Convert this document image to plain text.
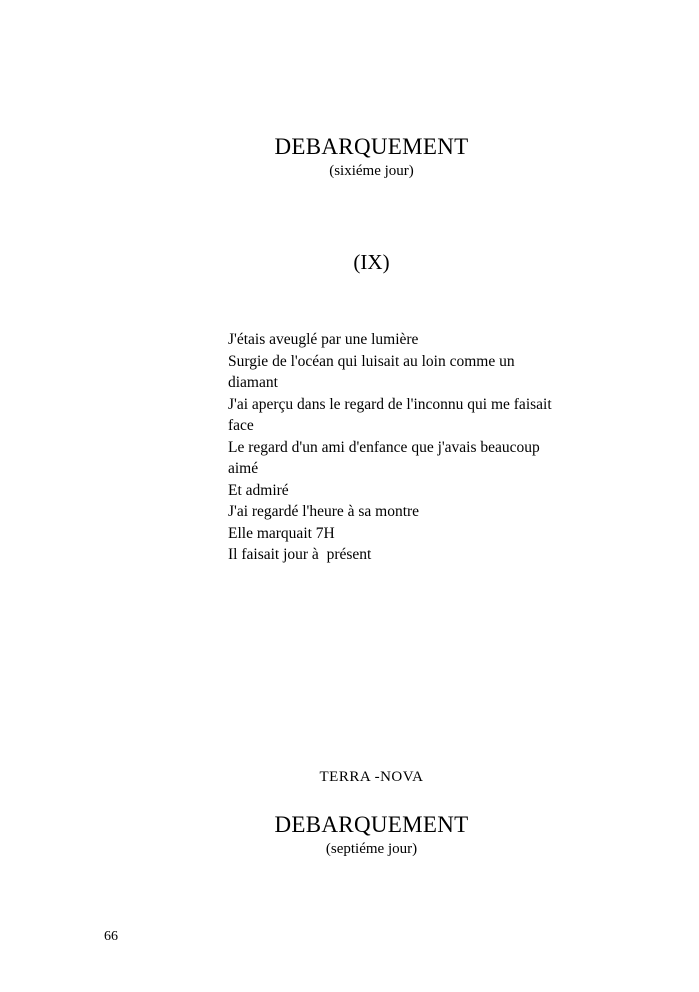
DEBARQUEMENT
(sixiéme jour)
(IX)
J'étais aveuglé par une lumière
Surgie de l'océan qui luisait au loin comme un
diamant
J'ai aperçu dans le regard de l'inconnu qui me faisait
face
Le regard d'un ami d'enfance que j'avais beaucoup
aimé
Et admiré
J'ai regardé l'heure à sa montre
Elle marquait 7H
Il faisait jour à  présent
TERRA -NOVA
DEBARQUEMENT
(septiéme jour)
66
